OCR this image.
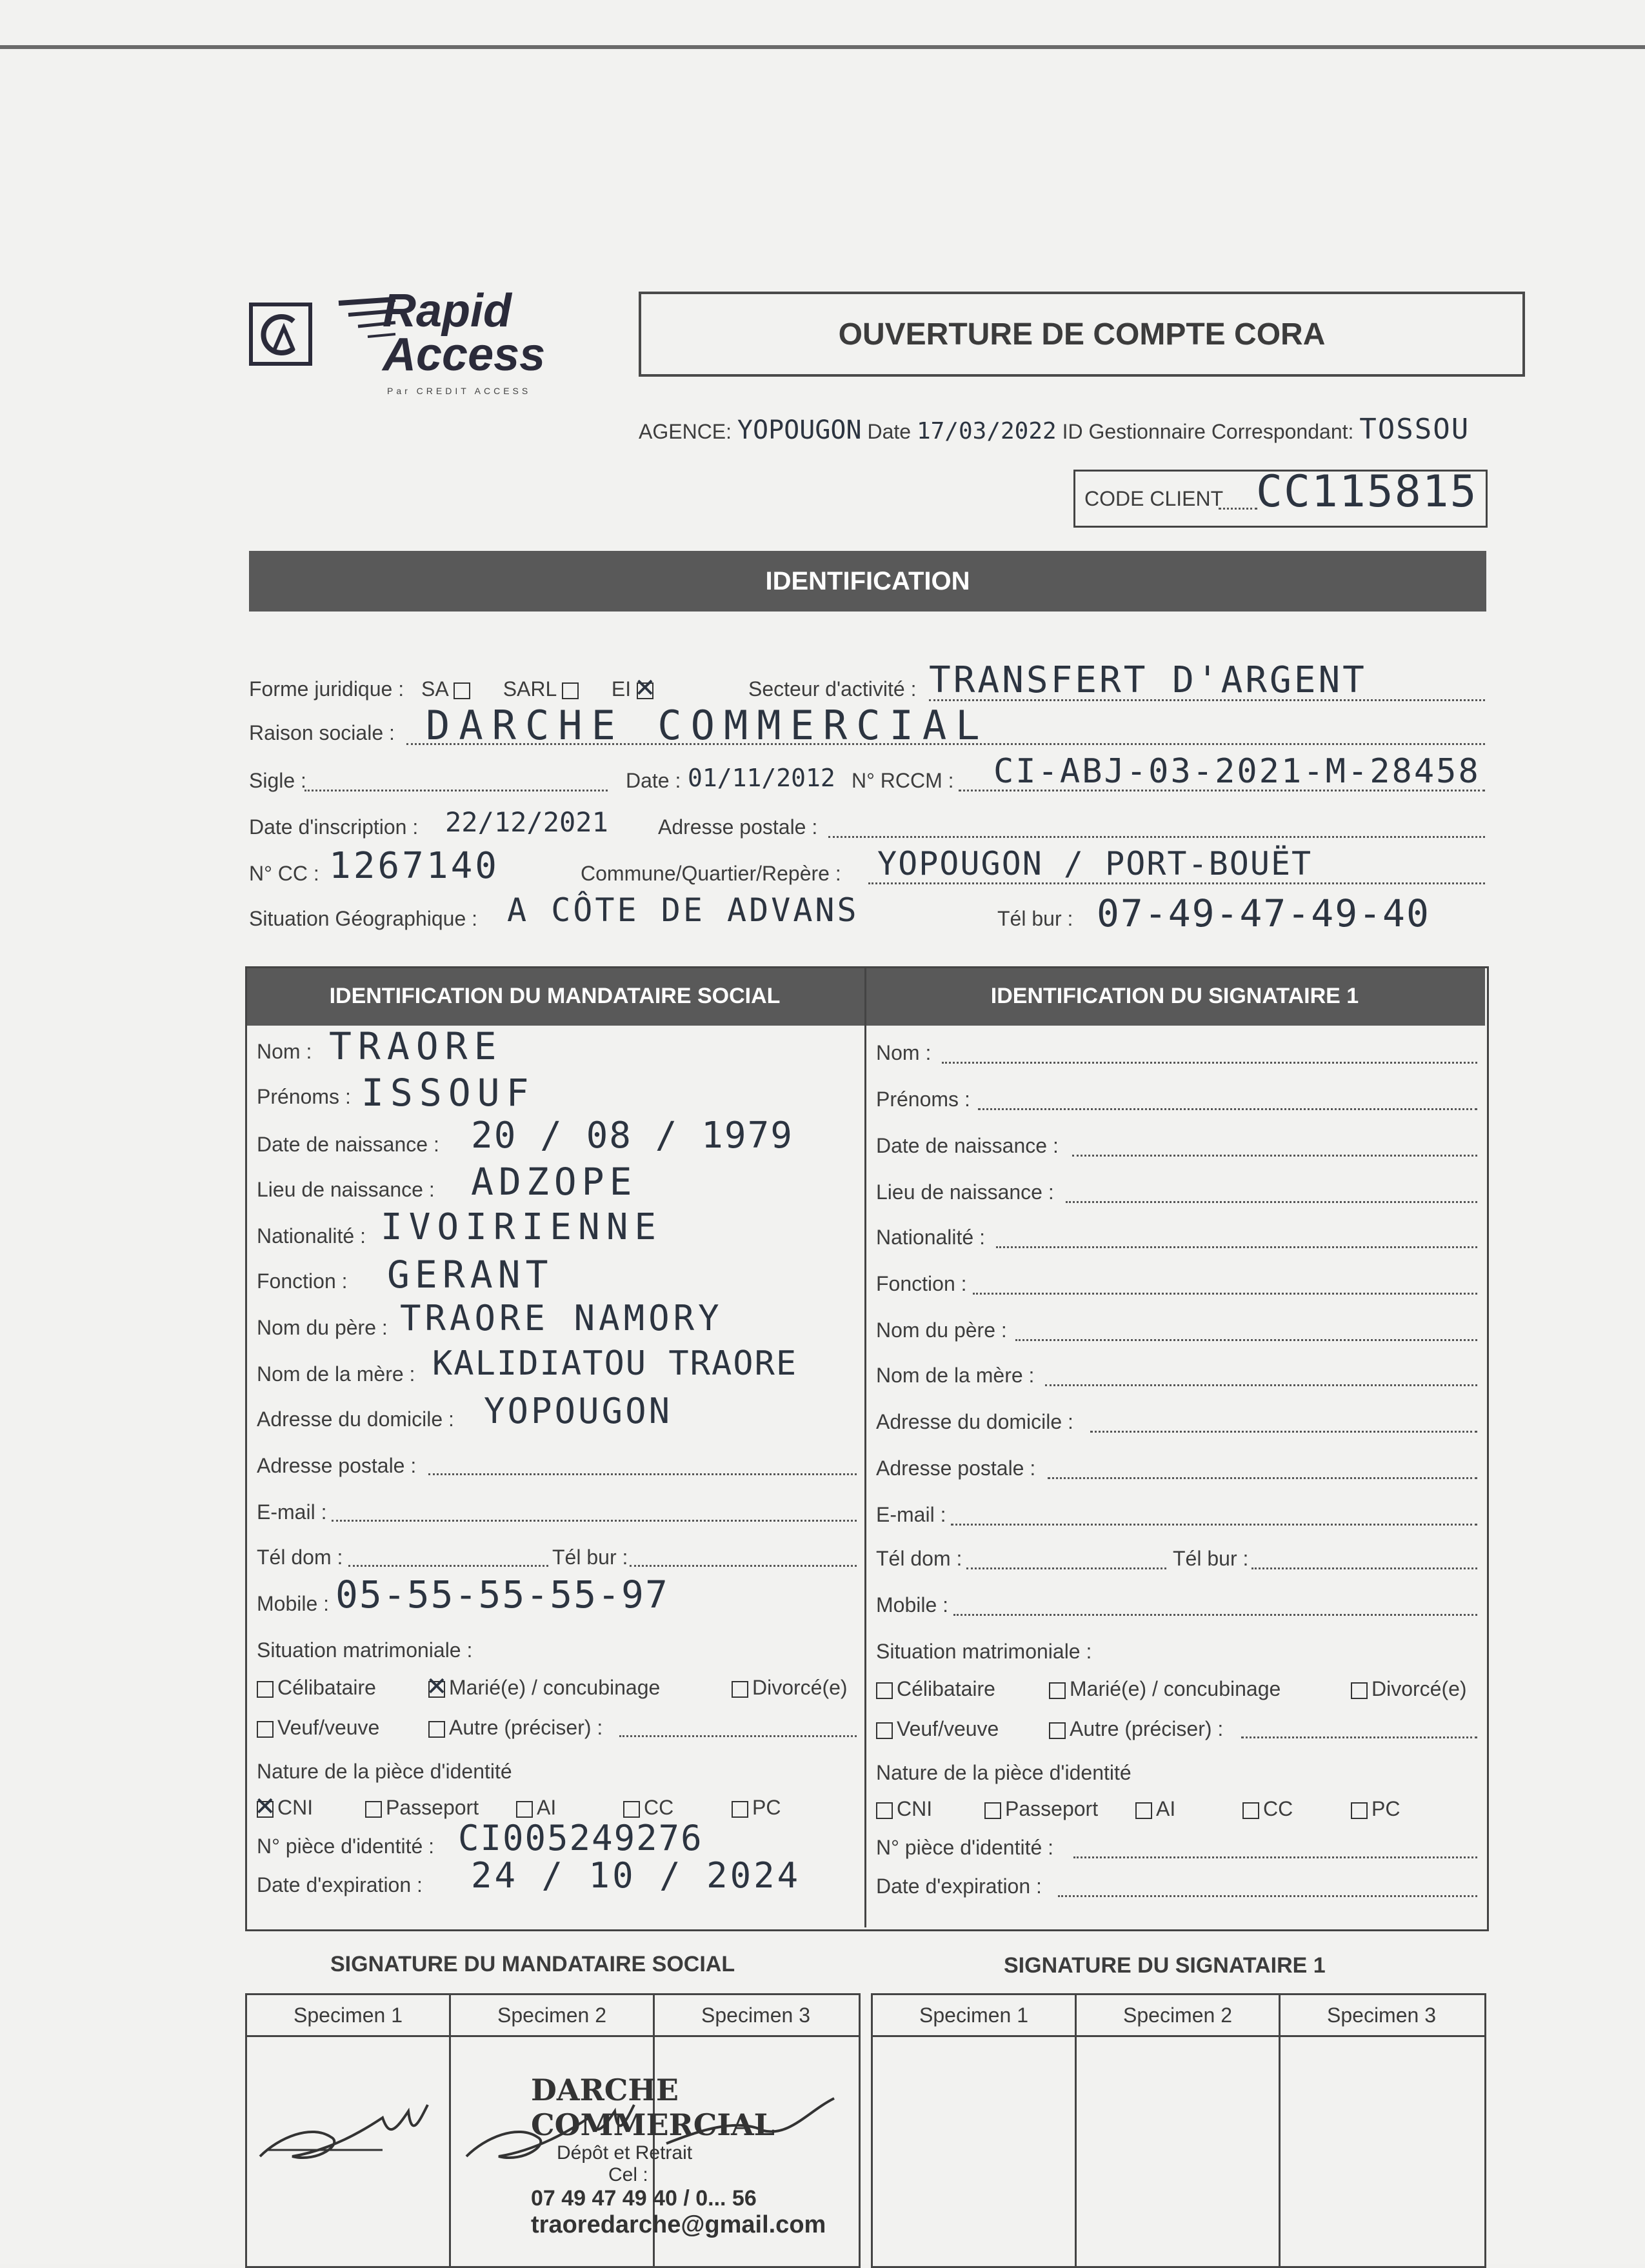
Rapid Access
Par CREDIT ACCESS
OUVERTURE DE COMPTE CORA
AGENCE: YOPOUGON Date 17/03/2022 ID Gestionnaire Correspondant: TOSSOU
CODE CLIENT CC115815
IDENTIFICATION
Forme juridique : SA	SARL	EI ✕	Secteur d'activité : TRANSFERT D'ARGENT
Raison sociale : DARCHE COMMERCIAL
Sigle :	Date : 01/11/2012 N° RCCM : CI-ABJ-03-2021-M-28458
Date d'inscription : 22/12/2021 Adresse postale :
N° CC : 1267140	Commune/Quartier/Repère : YOPOUGON / PORT-BOUËT
Situation Géographique : A CÔTE DE ADVANS	Tél bur : 07-49-47-49-40
IDENTIFICATION DU MANDATAIRE SOCIAL	IDENTIFICATION DU SIGNATAIRE 1
Nom : TRAORE
Prénoms : ISSOUF
Date de naissance : 20 / 08 / 1979
Lieu de naissance : ADZOPE
Nationalité : IVOIRIENNE
Fonction : GERANT
Nom du père : TRAORE NAMORY
Nom de la mère : KALIDIATOU TRAORE
Adresse du domicile : YOPOUGON
Adresse postale :
E-mail :
Tél dom :	Tél bur :
Mobile : 05-55-55-55-97
Situation matrimoniale :
Célibataire ✕	Marié(e) / concubinage	Divorcé(e)
Veuf/veuve	Autre (préciser) :
Nature de la pièce d'identité
✕CNI	Passeport	AI	CC	PC
N° pièce d'identité : CI005249276
Date d'expiration : 24 / 10 / 2024
Nom :
Prénoms :
Date de naissance :
Lieu de naissance :
Nationalité :
Fonction :
Nom du père :
Nom de la mère :
Adresse du domicile :
Adresse postale :
E-mail :
Tél dom :	Tél bur :
Mobile :
Situation matrimoniale :
Célibataire	Marié(e) / concubinage	Divorcé(e)
Veuf/veuve	Autre (préciser) :
Nature de la pièce d'identité
CNI	Passeport	AI	CC	PC
N° pièce d'identité :
Date d'expiration :
SIGNATURE DU MANDATAIRE SOCIAL	SIGNATURE DU SIGNATAIRE 1
Specimen 1	Specimen 2	Specimen 3
DARCHE COMMERCIAL
Dépôt et Retrait
Cel :
07 49 47 49 40 / 0... 56
traoredarche@gmail.com
Specimen 1	Specimen 2	Specimen 3
